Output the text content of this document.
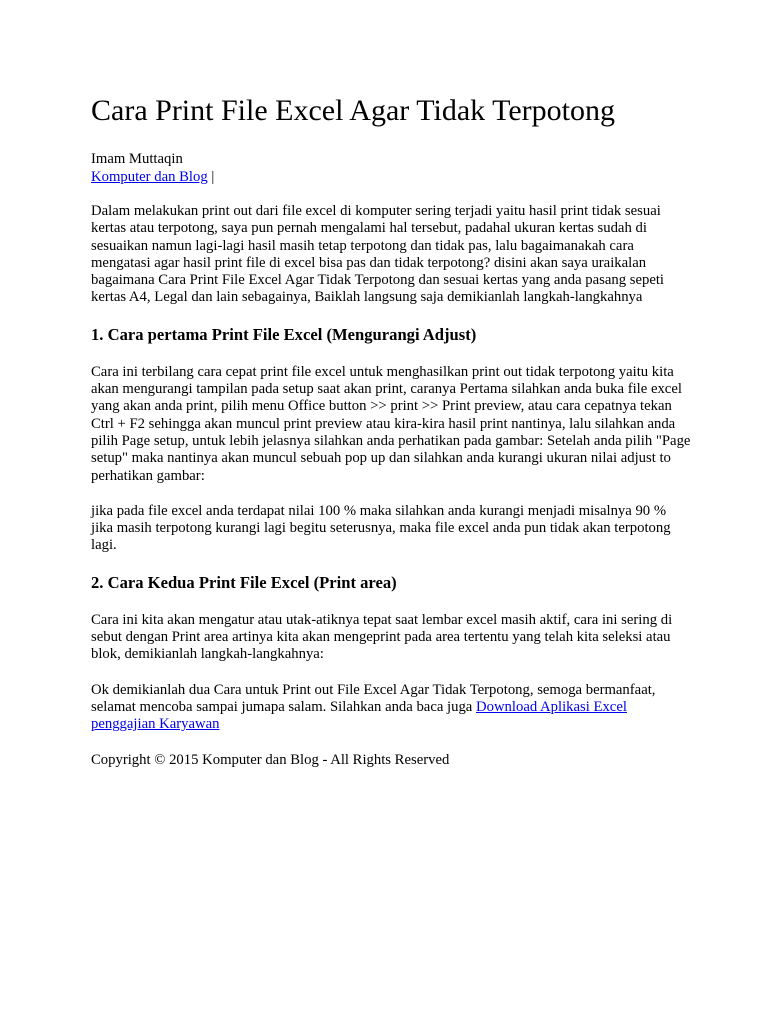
Cara Print File Excel Agar Tidak Terpotong

Imam Muttaqin

Komputer dan Blog |

Dalam melakukan print out dari file excel di komputer sering terjadi yaitu hasil print tidak sesuai kertas atau terpotong, saya pun pernah mengalami hal tersebut, padahal ukuran kertas sudah di sesuaikan namun lagi-lagi hasil masih tetap terpotong dan tidak pas, lalu bagaimanakah cara mengatasi agar hasil print file di excel bisa pas dan tidak terpotong? disini akan saya uraikalan bagaimana Cara Print File Excel Agar Tidak Terpotong dan sesuai kertas yang anda pasang sepeti kertas A4, Legal dan lain sebagainya, Baiklah langsung saja demikianlah langkah-langkahnya

1. Cara pertama Print File Excel (Mengurangi Adjust)

Cara ini terbilang cara cepat print file excel untuk menghasilkan print out tidak terpotong yaitu kita akan mengurangi tampilan pada setup saat akan print, caranya Pertama silahkan anda buka file excel yang akan anda print, pilih menu Office button >> print >> Print preview, atau cara cepatnya tekan Ctrl + F2 sehingga akan muncul print preview atau kira-kira hasil print nantinya, lalu silahkan anda pilih Page setup, untuk lebih jelasnya silahkan anda perhatikan pada gambar: Setelah anda pilih "Page setup" maka nantinya akan muncul sebuah pop up dan silahkan anda kurangi ukuran nilai adjust to perhatikan gambar:

jika pada file excel anda terdapat nilai 100 % maka silahkan anda kurangi menjadi misalnya 90 % jika masih terpotong kurangi lagi begitu seterusnya, maka file excel anda pun tidak akan terpotong lagi.

2. Cara Kedua Print File Excel (Print area)

Cara ini kita akan mengatur atau utak-atiknya tepat saat lembar excel masih aktif, cara ini sering di sebut dengan Print area artinya kita akan mengeprint pada area tertentu yang telah kita seleksi atau blok, demikianlah langkah-langkahnya:

Ok demikianlah dua Cara untuk Print out File Excel Agar Tidak Terpotong, semoga bermanfaat, selamat mencoba sampai jumapa salam. Silahkan anda baca juga Download Aplikasi Excel penggajian Karyawan

Copyright © 2015 Komputer dan Blog - All Rights Reserved
